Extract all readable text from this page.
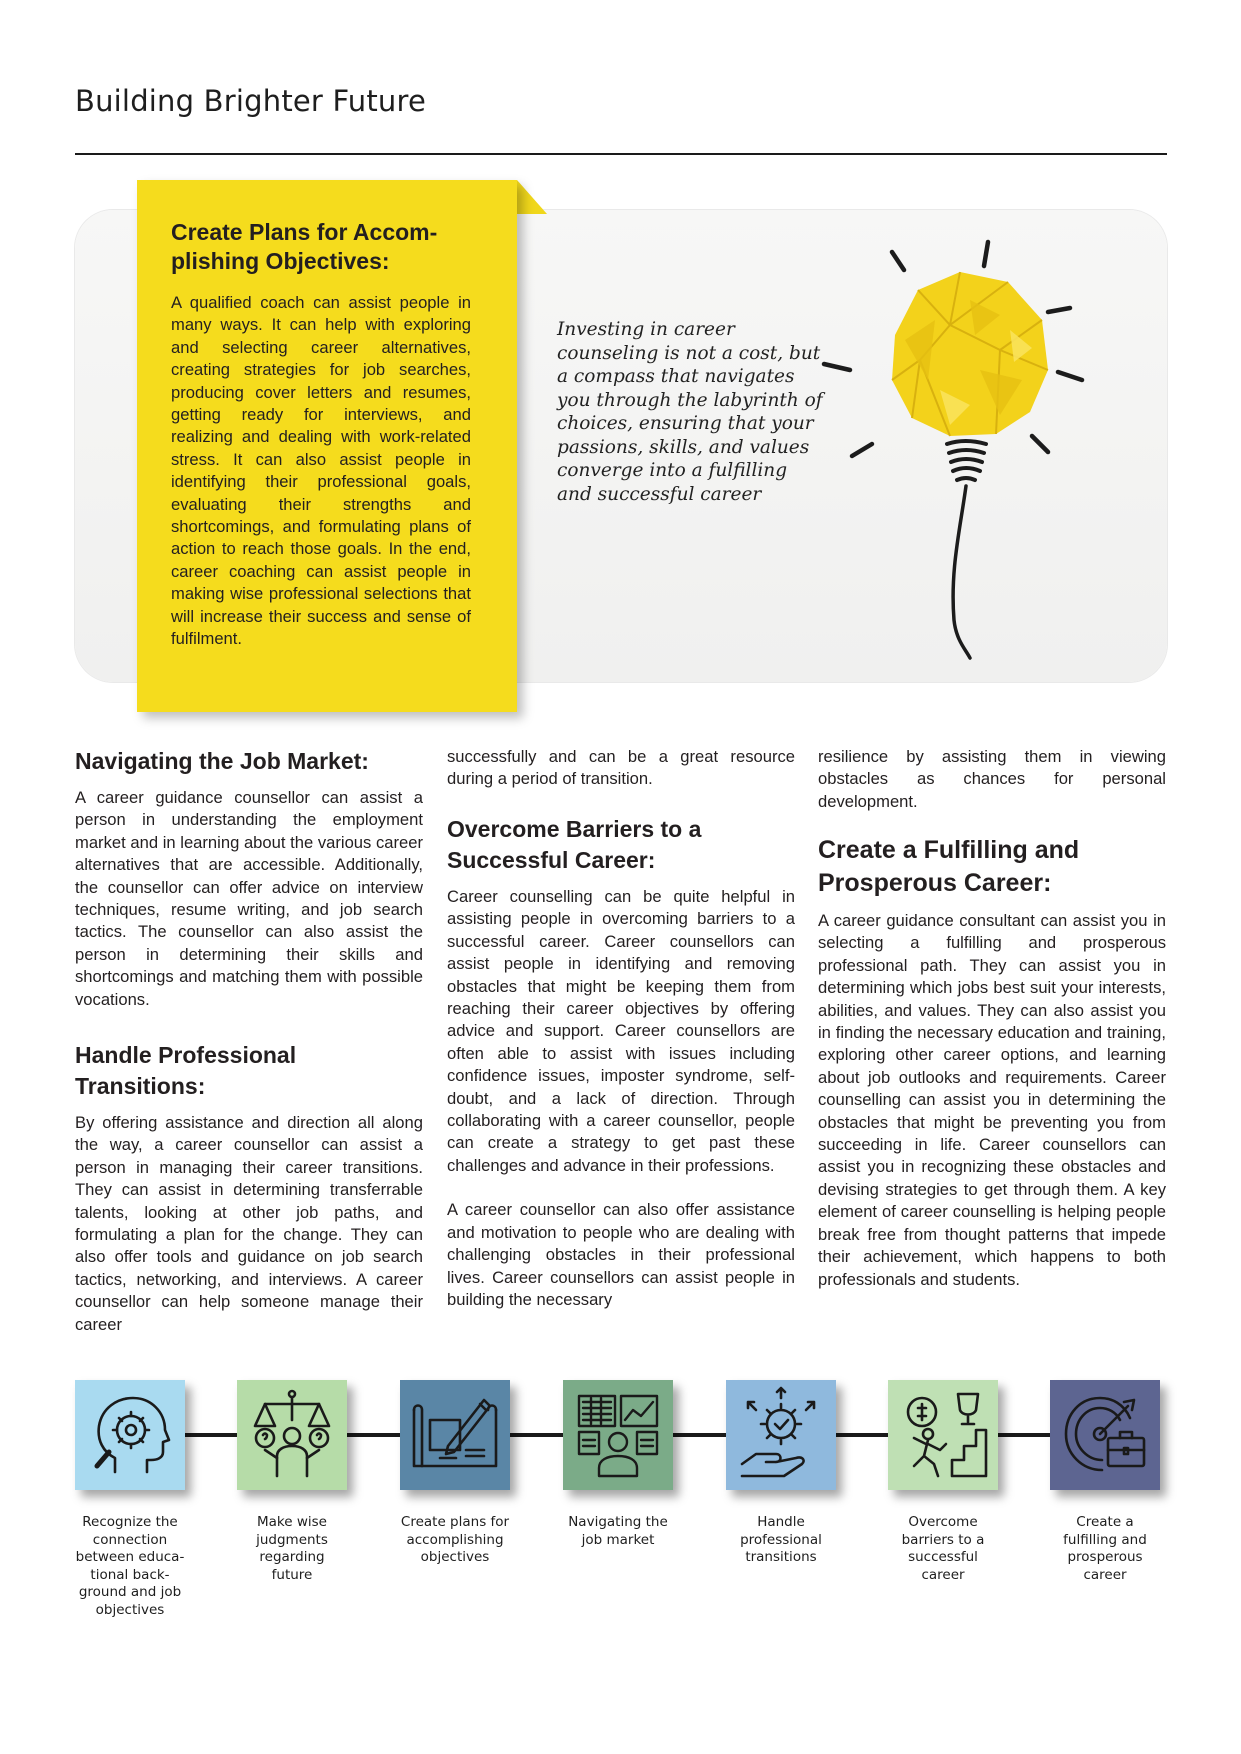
Building Brighter Future
Investing in career counseling is not a cost, but a compass that navigates you through the labyrinth of choices, ensuring that your passions, skills, and values converge into a fulfilling and successful career
Create Plans for Accom-
plishing Objectives:
A qualified coach can assist people in many ways. It can help with exploring and selecting career alternatives, creating strategies for job searches, producing cover letters and resumes, getting ready for interviews, and realizing and dealing with work-related stress. It can also assist people in identifying their professional goals, evaluating their strengths and shortcomings, and formulating plans of action to reach those goals. In the end, career coaching can assist people in making wise professional selections that will increase their success and sense of fulfilment.
Navigating the Job Market:

A career guidance counsellor can assist a person in understanding the employment market and in learning about the various career alternatives that are accessible. Additionally, the counsellor can offer advice on interview techniques, resume writing, and job search tactics. The counsellor can also assist the person in determining their skills and shortcomings and matching them with possible vocations.

Handle Professional Transitions:

By offering assistance and direction all along the way, a career counsellor can assist a person in managing their career transitions. They can assist in determining transferrable talents, looking at other job paths, and formulating a plan for the change. They can also offer tools and guidance on job search tactics, networking, and interviews. A career counsellor can help someone manage their career

successfully and can be a great resource during a period of transition.

Overcome Barriers to a Successful Career:

Career counselling can be quite helpful in assisting people in overcoming barriers to a successful career. Career counsellors can assist people in identifying and removing obstacles that might be keeping them from reaching their career objectives by offering advice and support. Career counsellors are often able to assist with issues including confidence issues, imposter syndrome, self-doubt, and a lack of direction. Through collaborating with a career counsellor, people can create a strategy to get past these challenges and advance in their professions.

A career counsellor can also offer assistance and motivation to people who are dealing with challenging obstacles in their professional lives. Career counsellors can assist people in building the necessary

resilience by assisting them in viewing obstacles as chances for personal development.

Create a Fulfilling and Prosperous Career:

A career guidance consultant can assist you in selecting a fulfilling and prosperous professional path. They can assist you in determining which jobs best suit your interests, abilities, and values. They can also assist you in finding the necessary education and training, exploring other career options, and learning about job outlooks and requirements. Career counselling can assist you in determining the obstacles that might be preventing you from succeeding in life. Career counsellors can assist you in recognizing these obstacles and devising strategies to get through them. A key element of career counselling is helping people break free from thought patterns that impede their achievement, which happens to both professionals and students.

Recognize the
connection
between educa-
tional back-
ground and job
objectives
Make wise judgments regarding future
Create plans for accomplishing objectives
Navigating the job market
Handle professional transitions
Overcome barriers to a successful career
Create a fulfilling and prosperous career
